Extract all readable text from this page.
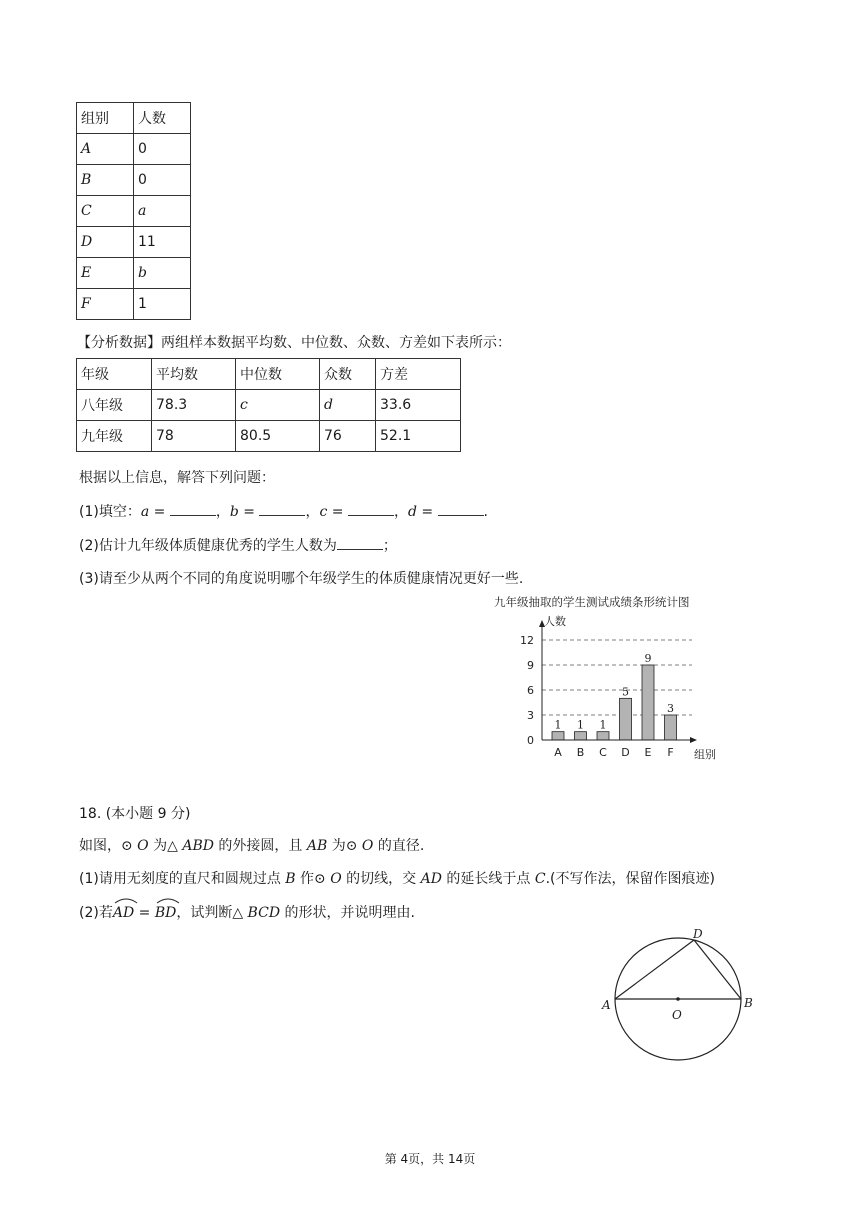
组别	人数
A	0
B	0
C	a
D	11
E	b
F	1
【分析数据】两组样本数据平均数、中位数、众数、方差如下表所示：
年级	平均数	中位数	众数	方差
八年级	78.3	c	d	33.6
九年级	78	80.5	76	52.1
根据以上信息，解答下列问题：
(1)填空：a =	，b =	，c =	，d =	.
(2)估计九年级体质健康优秀的学生人数为	；
(3)请至少从两个不同的角度说明哪个年级学生的体质健康情况更好一些.
九年级抽取的学生测试成绩条形统计图
人数
组别
0
3
6
9
12
1
A
1
B
1
C
5
D
9
E
3
F
18. (本小题 9 分)
如图，⊙ O 为△ ABD 的外接圆，且 AB 为⊙ O 的直径.
(1)请用无刻度的直尺和圆规过点 B 作⊙ O 的切线，交 AD 的延长线于点 C.(不写作法，保留作图痕迹)
(2)若
AD =
BD，试判断△ BCD 的形状，并说明理由.
A	B
D
O
第 4页，共 14页
